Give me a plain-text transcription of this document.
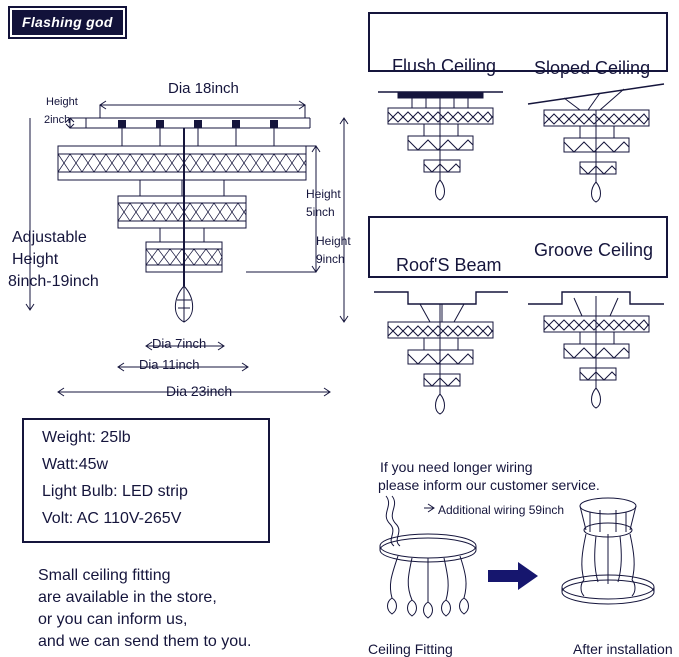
Flashing god
Dia 18inch
Height
2inch
Height
5inch
Height
9inch
Adjustable
Height
8inch-19inch
Dia 7inch
Dia 11inch
Dia 23inch
Weight: 25lb
Watt:45w
Light Bulb: LED strip
Volt: AC 110V-265V
Small ceiling fitting
are available in the store,
or you can inform us,
and we can send them to you.
Flush Ceiling Sloped Ceiling
Roof'S Beam
Groove Ceiling
If you need longer wiring
please inform our customer service.
Additional wiring 59inch
Ceiling Fitting	After installation
